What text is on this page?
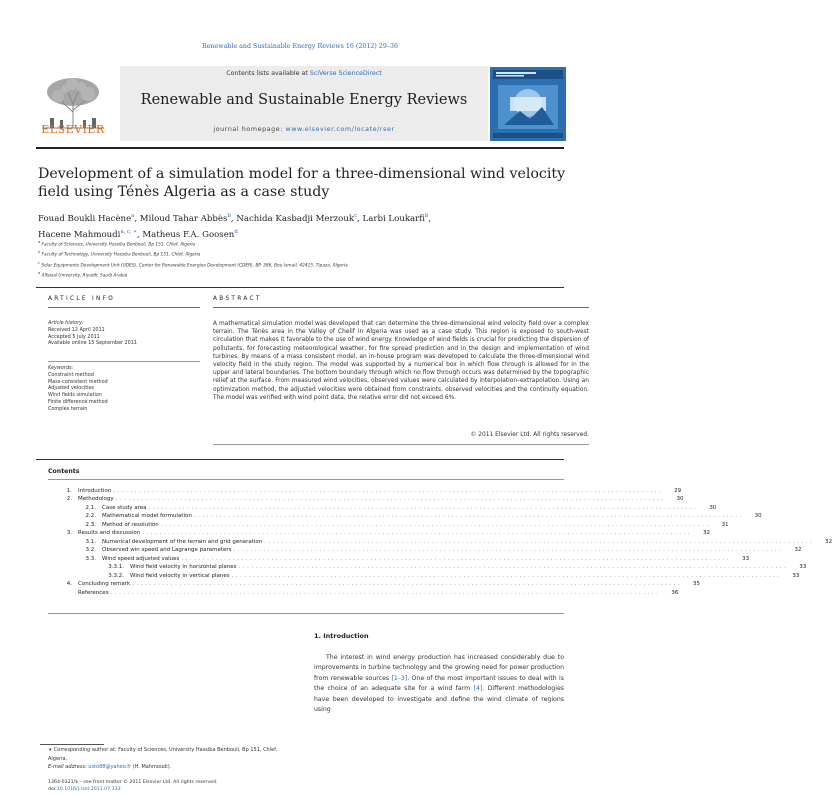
Renewable and Sustainable Energy Reviews 16 (2012) 29–36
Contents lists available at SciVerse ScienceDirect
Renewable and Sustainable Energy Reviews
journal homepage: www.elsevier.com/locate/rser
ELSEVIER
Development of a simulation model for a three-dimensional wind velocity field using Ténès Algeria as a case study
Fouad Boukli Hacène$^a$, Miloud Tahar Abbès$^b$, Nachida Kasbadji Merzouk$^c$, Larbi Loukarfi$^b$,
Hacene Mahmoudi$^{a, c, ∗}$, Matheus F.A. Goosen$^d$
$^a$ Faculty of Sciences, University Hassiba Benbouli, Bp 151, Chlef, Algeria
$^b$ Faculty of Technology, University Hassiba Benbouli, Bp 151, Chlef, Algeria
$^c$ Solar Equipments Development Unit (UDES), Center for Renewable Energies Development (CDER), BP. 386, Bou-Ismail, 42415, Tipaza, Algeria
$^d$ Alfaisal University, Riyadh, Saudi Arabia
ARTICLE INFO
Article history:
Received 12 April 2011
Accepted 5 July 2011
Available online 15 September 2011
Keywords:
Constraint method
Mass-consistent method
Adjusted velocities
Wind fields simulation
Finite difference method
Complex terrain
ABSTRACT
A mathematical simulation model was developed that can determine the three-dimensional wind velocity field over a complex terrain. The Ténès area in the Valley of Chelif in Algeria was used as a case study. This region is exposed to south-west circulation that makes it favorable to the use of wind energy. Knowledge of wind fields is crucial for predicting the dispersion of pollutants, for forecasting meteorological weather, for fire spread prediction and in the design and implementation of wind turbines. By means of a mass consistent model, an in-house program was developed to calculate the three-dimensional wind velocity field in the study region. The model was supported by a numerical box in which flow through is allowed for in the upper and lateral boundaries. The bottom boundary through which no flow through occurs was determined by the topographic relief at the surface. From measured wind velocities, observed values were calculated by interpolation–extrapolation. Using an optimization method, the adjusted velocities were obtained from constraints, observed velocities and the continuity equation. The model was verified with wind point data, the relative error did not exceed 6%.
© 2011 Elsevier Ltd. All rights reserved.
Contents
1.	Introduction . . . . . . . . . . . . . . . . . . . . . . . . . . . . . . . . . . . . . . . . . . . . . . . . . . . . . . . . . . . . . . . . . . . . . . . . . . . . . . . . . . . . . . . . . . . . . . . . . . . . . . . . . . . . . . . . . . . . . . . . . . . . . . . .	29
2.	Methodology . . . . . . . . . . . . . . . . . . . . . . . . . . . . . . . . . . . . . . . . . . . . . . . . . . . . . . . . . . . . . . . . . . . . . . . . . . . . . . . . . . . . . . . . . . . . . . . . . . . . . . . . . . . . . . . . . . . . . . . . . . . . . . . .	30
2.1.	Case study area . . . . . . . . . . . . . . . . . . . . . . . . . . . . . . . . . . . . . . . . . . . . . . . . . . . . . . . . . . . . . . . . . . . . . . . . . . . . . . . . . . . . . . . . . . . . . . . . . . . . . . . . . . . . . . . . . . . . . . . . . . . . . . . .	30
2.2.	Mathematical model formulation . . . . . . . . . . . . . . . . . . . . . . . . . . . . . . . . . . . . . . . . . . . . . . . . . . . . . . . . . . . . . . . . . . . . . . . . . . . . . . . . . . . . . . . . . . . . . . . . . . . . . . . . . . . . . . . . . . . . . . . . . . . . . . . .	30
2.3.	Method of resolution . . . . . . . . . . . . . . . . . . . . . . . . . . . . . . . . . . . . . . . . . . . . . . . . . . . . . . . . . . . . . . . . . . . . . . . . . . . . . . . . . . . . . . . . . . . . . . . . . . . . . . . . . . . . . . . . . . . . . . . . . . . . . . . .	31
3.	Results and discussion . . . . . . . . . . . . . . . . . . . . . . . . . . . . . . . . . . . . . . . . . . . . . . . . . . . . . . . . . . . . . . . . . . . . . . . . . . . . . . . . . . . . . . . . . . . . . . . . . . . . . . . . . . . . . . . . . . . . . . . . . . . . . . . .	32
3.1.	Numerical development of the terrain and grid generation . . . . . . . . . . . . . . . . . . . . . . . . . . . . . . . . . . . . . . . . . . . . . . . . . . . . . . . . . . . . . . . . . . . . . . . . . . . . . . . . . . . . . . . . . . . . . . . . . . . . . . . . . . . . . . . . . . . . . . . . . . . . . . . .	32
3.2.	Observed win speed and Lagrange parameters . . . . . . . . . . . . . . . . . . . . . . . . . . . . . . . . . . . . . . . . . . . . . . . . . . . . . . . . . . . . . . . . . . . . . . . . . . . . . . . . . . . . . . . . . . . . . . . . . . . . . . . . . . . . . . . . . . . . . . . . . . . . . . . .	32
3.3.	Wind speed adjusted values . . . . . . . . . . . . . . . . . . . . . . . . . . . . . . . . . . . . . . . . . . . . . . . . . . . . . . . . . . . . . . . . . . . . . . . . . . . . . . . . . . . . . . . . . . . . . . . . . . . . . . . . . . . . . . . . . . . . . . . . . . . . . . . .	33
3.3.1.	Wind field velocity in horizontal planes . . . . . . . . . . . . . . . . . . . . . . . . . . . . . . . . . . . . . . . . . . . . . . . . . . . . . . . . . . . . . . . . . . . . . . . . . . . . . . . . . . . . . . . . . . . . . . . . . . . . . . . . . . . . . . . . . . . . . . . . . . . . . . . .	33
3.3.2.	Wind field velocity in vertical planes . . . . . . . . . . . . . . . . . . . . . . . . . . . . . . . . . . . . . . . . . . . . . . . . . . . . . . . . . . . . . . . . . . . . . . . . . . . . . . . . . . . . . . . . . . . . . . . . . . . . . . . . . . . . . . . . . . . . . . . . . . . . . . . .	33
4.	Concluding remark . . . . . . . . . . . . . . . . . . . . . . . . . . . . . . . . . . . . . . . . . . . . . . . . . . . . . . . . . . . . . . . . . . . . . . . . . . . . . . . . . . . . . . . . . . . . . . . . . . . . . . . . . . . . . . . . . . . . . . . . . . . . . . . .	35
References . . . . . . . . . . . . . . . . . . . . . . . . . . . . . . . . . . . . . . . . . . . . . . . . . . . . . . . . . . . . . . . . . . . . . . . . . . . . . . . . . . . . . . . . . . . . . . . . . . . . . . . . . . . . . . . . . . . . . . . . . . . . . . . .	36
1. Introduction
The interest in wind energy production has increased considerably due to improvements in turbine technology and the growing need for power production from renewable sources [1–3]. One of the most important issues to deal with is the choice of an adequate site for a wind farm [4]. Different methodologies have been developed to investigate and define the wind climate of regions using
∗ Corresponding author at: Faculty of Sciences, University Hassiba Benbouli, Bp 151, Chlef, Algeria.
E-mail address: usto88@yahoo.fr (H. Mahmoudi).
1364-0321/$ – see front matter © 2011 Elsevier Ltd. All rights reserved.
doi:10.1016/j.rser.2011.07.133
